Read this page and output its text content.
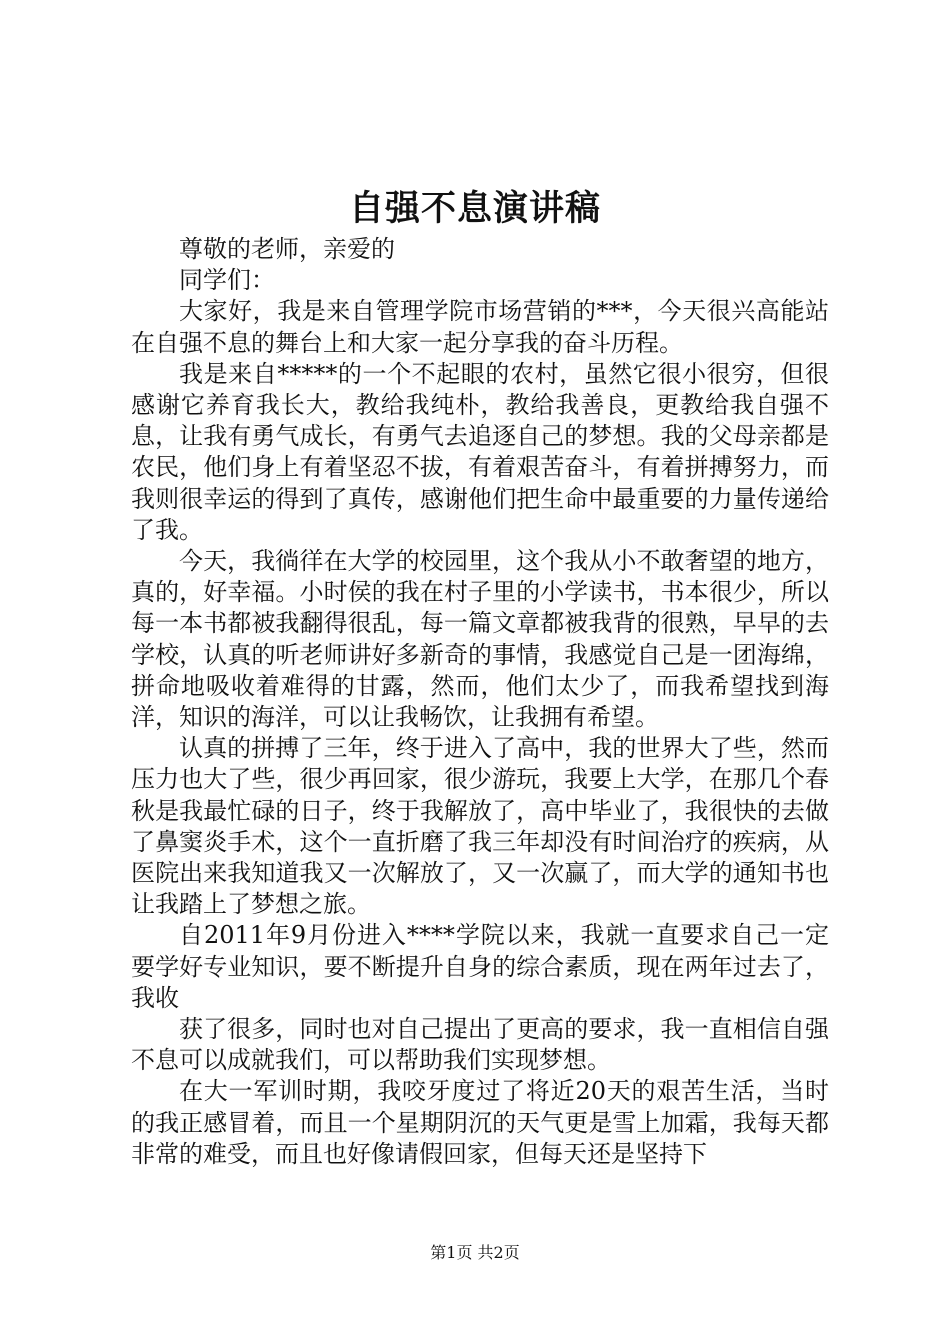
自强不息演讲稿

尊敬的老师，亲爱的

同学们：

大家好，我是来自管理学院市场营销的***，今天很兴高能站在自强不息的舞台上和大家一起分享我的奋斗历程。

我是来自*****的一个不起眼的农村，虽然它很小很穷，但很感谢它养育我长大，教给我纯朴，教给我善良，更教给我自强不息，让我有勇气成长，有勇气去追逐自己的梦想。我的父母亲都是农民，他们身上有着坚忍不拔，有着艰苦奋斗，有着拼搏努力，而我则很幸运的得到了真传，感谢他们把生命中最重要的力量传递给了我。

今天，我徜徉在大学的校园里，这个我从小不敢奢望的地方，真的，好幸福。小时侯的我在村子里的小学读书，书本很少，所以每一本书都被我翻得很乱，每一篇文章都被我背的很熟，早早的去学校，认真的听老师讲好多新奇的事情，我感觉自己是一团海绵，拼命地吸收着难得的甘露，然而，他们太少了，而我希望找到海洋，知识的海洋，可以让我畅饮，让我拥有希望。

认真的拼搏了三年，终于进入了高中，我的世界大了些，然而压力也大了些，很少再回家，很少游玩，我要上大学，在那几个春秋是我最忙碌的日子，终于我解放了，高中毕业了，我很快的去做了鼻窦炎手术，这个一直折磨了我三年却没有时间治疗的疾病，从医院出来我知道我又一次解放了，又一次赢了，而大学的通知书也让我踏上了梦想之旅。

自2011年9月份进入****学院以来，我就一直要求自己一定要学好专业知识，要不断提升自身的综合素质，现在两年过去了，我收

获了很多，同时也对自己提出了更高的要求，我一直相信自强不息可以成就我们，可以帮助我们实现梦想。

在大一军训时期，我咬牙度过了将近20天的艰苦生活，当时的我正感冒着，而且一个星期阴沉的天气更是雪上加霜，我每天都非常的难受，而且也好像请假回家，但每天还是坚持下

第1页 共2页
